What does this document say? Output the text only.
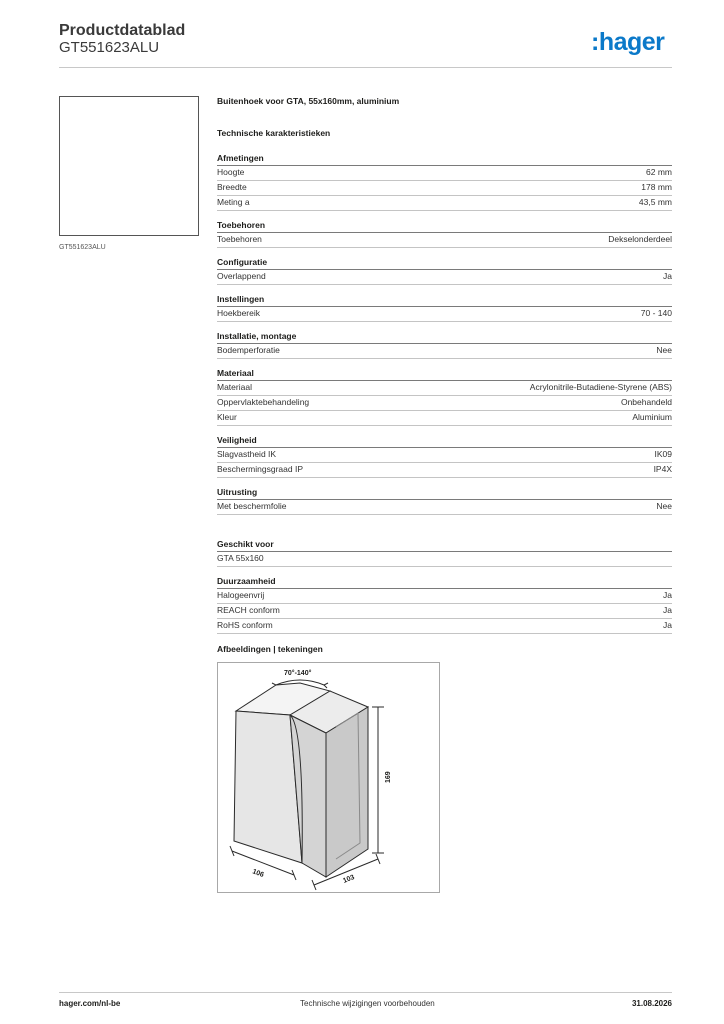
Productdatablad
GT551623ALU	:hager
GT551623ALU
Buitenhoek voor GTA, 55x160mm, aluminium
Technische karakteristieken
Afmetingen
Hoogte	62 mm
Breedte	178 mm
Meting a	43,5 mm
Toebehoren
Toebehoren	Dekselonderdeel
Configuratie
Overlappend	Ja
Instellingen
Hoekbereik	70 - 140
Installatie, montage
Bodemperforatie	Nee
Materiaal
Materiaal	Acrylonitrile-Butadiene-Styrene (ABS)
Oppervlaktebehandeling	Onbehandeld
Kleur	Aluminium
Veiligheid
Slagvastheid IK	IK09
Beschermingsgraad IP	IP4X
Uitrusting
Met beschermfolie	Nee
Geschikt voor
GTA 55x160
Duurzaamheid
Halogeenvrij	Ja
REACH conform	Ja
RoHS conform	Ja
Afbeeldingen | tekeningen
70°-140°
169
106
103
hager.com/nl-be	Technische wijzigingen voorbehouden	31.08.2026
